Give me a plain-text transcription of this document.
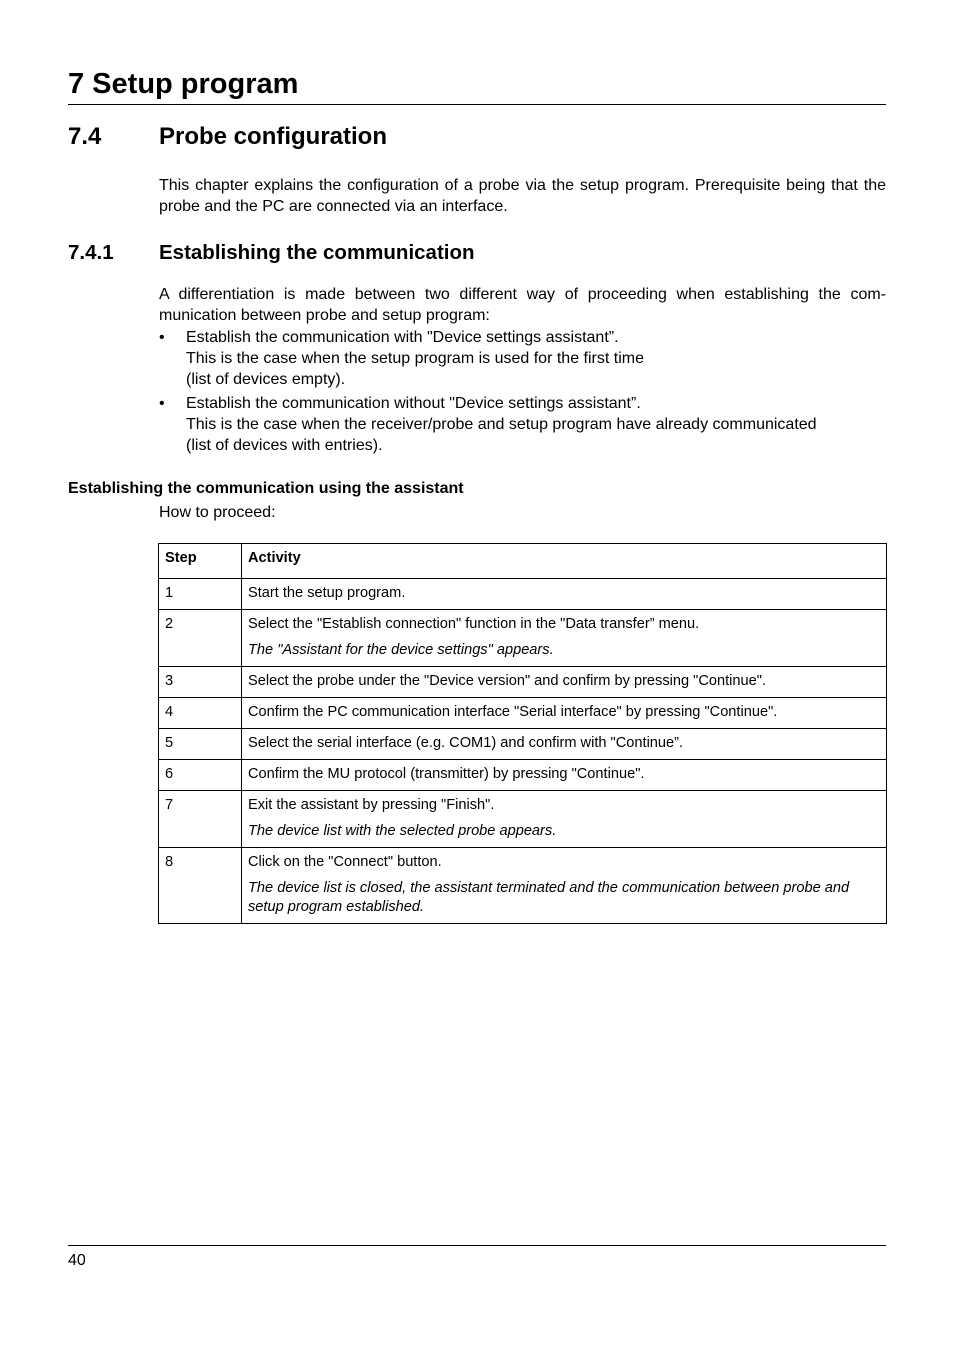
7 Setup program
7.4 Probe configuration

This chapter explains the configuration of a probe via the setup program. Prerequisite being that the probe and the PC are connected via an interface.

7.4.1 Establishing the communication

A differentiation is made between two different way of proceeding when establishing the com-munication between probe and setup program:

• Establish the communication with "Device settings assistant”.
This is the case when the setup program is used for the first time
(list of devices empty).
• Establish the communication without "Device settings assistant”.
This is the case when the receiver/probe and setup program have already communicated
(list of devices with entries).
Establishing the communication using the assistant

How to proceed:

Step	Activity
1	Start the setup program.
2	Select the "Establish connection" function in the "Data transfer” menu.
The "Assistant for the device settings" appears.

3	Select the probe under the "Device version" and confirm by pressing "Continue".
4	Confirm the PC communication interface "Serial interface" by pressing "Continue".
5	Select the serial interface (e.g. COM1) and confirm with "Continue”.
6	Confirm the MU protocol (transmitter) by pressing "Continue".
7	Exit the assistant by pressing "Finish".
The device list with the selected probe appears.

8	Click on the "Connect" button.
The device list is closed, the assistant terminated and the communication between probe and setup program established.

40
